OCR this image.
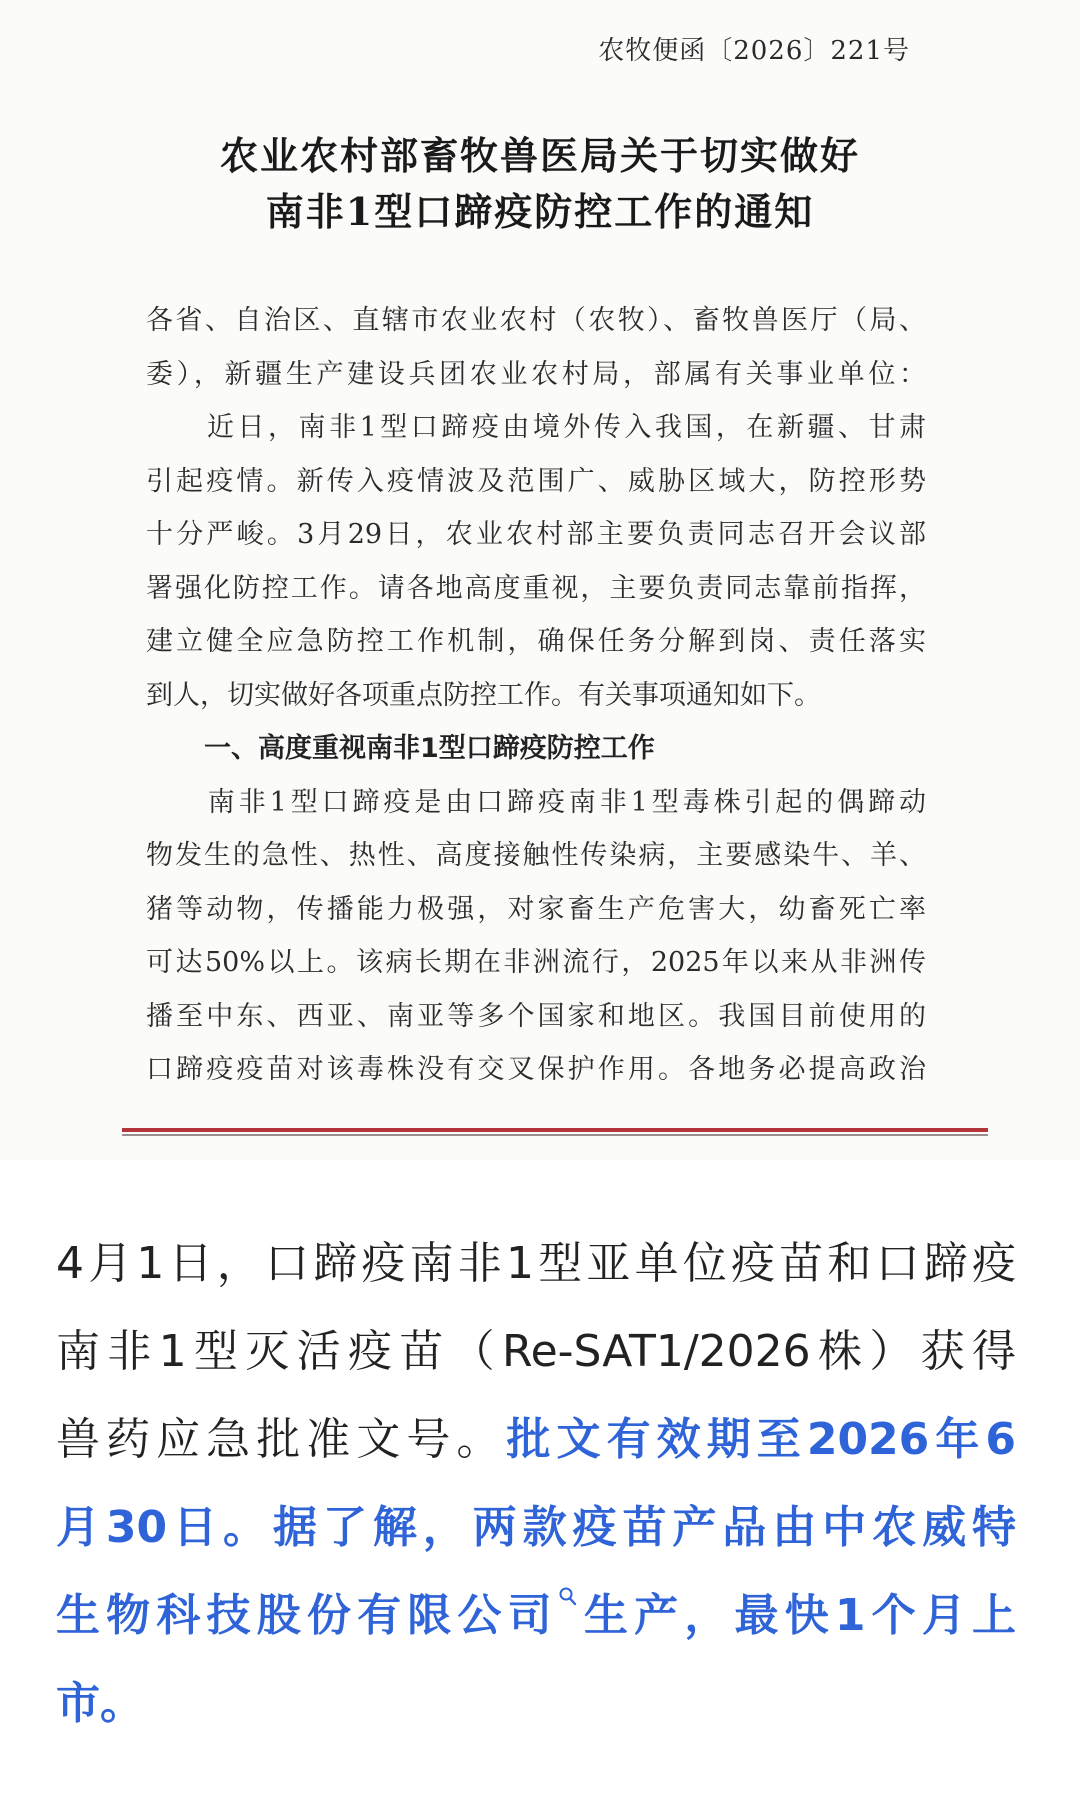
农牧便函〔2026〕221号
农业农村部畜牧兽医局关于切实做好
南非1型口蹄疫防控工作的通知
各省、自治区、直辖市农业农村（农牧）、畜牧兽医厅（局、
委），新疆生产建设兵团农业农村局，部属有关事业单位：
　　近日，南非1型口蹄疫由境外传入我国，在新疆、甘肃
引起疫情。新传入疫情波及范围广、威胁区域大，防控形势
十分严峻。3月29日，农业农村部主要负责同志召开会议部
署强化防控工作。请各地高度重视，主要负责同志靠前指挥，
建立健全应急防控工作机制，确保任务分解到岗、责任落实
到人，切实做好各项重点防控工作。有关事项通知如下。
一、高度重视南非1型口蹄疫防控工作
　　南非1型口蹄疫是由口蹄疫南非1型毒株引起的偶蹄动
物发生的急性、热性、高度接触性传染病，主要感染牛、羊、
猪等动物，传播能力极强，对家畜生产危害大，幼畜死亡率
可达50%以上。该病长期在非洲流行，2025年以来从非洲传
播至中东、西亚、南亚等多个国家和地区。我国目前使用的
口蹄疫疫苗对该毒株没有交叉保护作用。各地务必提高政治
4月1日，口蹄疫南非1型亚单位疫苗和口蹄疫
南非1型灭活疫苗（Re-SAT1/2026株）获得
兽药应急批准文号。批文有效期至2026年6
月30日。据了解，两款疫苗产品由中农威特
生物科技股份有限公司 生产，最快1个月上
市。
